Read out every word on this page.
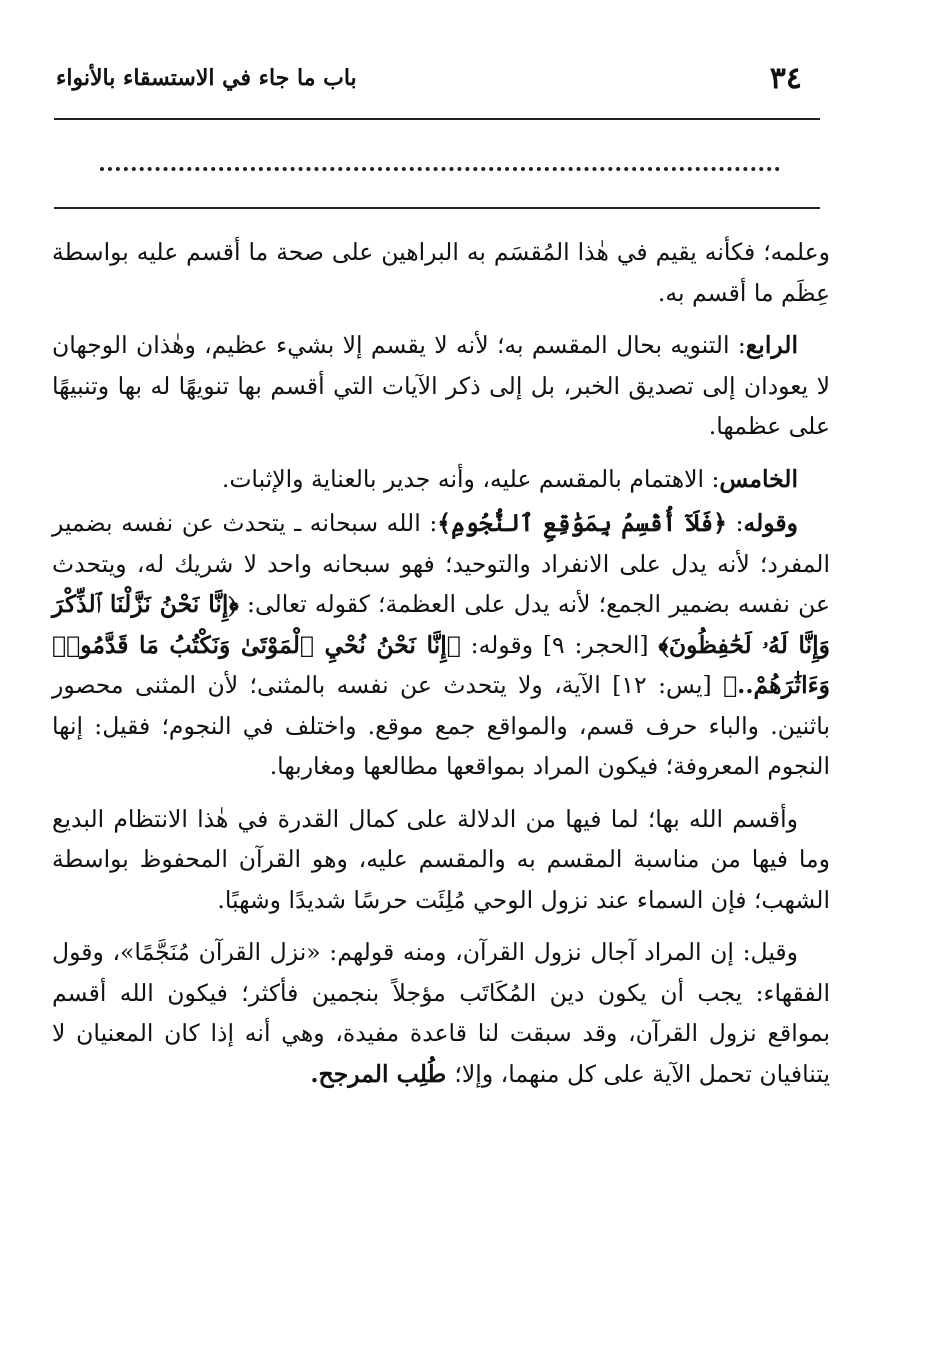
٣٤
باب ما جاء في الاستسقاء بالأنواء

وعلمه؛ فكأنه يقيم في هٰذا المُقسَم به البراهين على صحة ما أقسم عليه بواسطة عِظَم ما أقسم به.

الرابع: التنويه بحال المقسم به؛ لأنه لا يقسم إلا بشيء عظيم، وهٰذان الوجهان لا يعودان إلى تصديق الخبر، بل إلى ذكر الآيات التي أقسم بها تنويهًا له بها وتنبيهًا على عظمها.

الخامس: الاهتمام بالمقسم عليه، وأنه جدير بالعناية والإثبات.

وقوله: ﴿فَلَآ أُقْسِمُ بِمَوَٰقِعِ ٱلنُّجُومِ﴾: الله سبحانه ـ يتحدث عن نفسه بضمير المفرد؛ لأنه يدل على الانفراد والتوحيد؛ فهو سبحانه واحد لا شريك له، ويتحدث عن نفسه بضمير الجمع؛ لأنه يدل على العظمة؛ كقوله تعالى: ﴿إِنَّا نَحْنُ نَزَّلْنَا ٱلذِّكْرَ وَإِنَّا لَهُۥ لَحَٰفِظُونَ﴾ [الحجر: ٩] وقوله: ﴿إِنَّا نَحْنُ نُحْيِ ٱلْمَوْتَىٰ وَنَكْتُبُ مَا قَدَّمُوا۟ وَءَاثَٰرَهُمْ..﴾ [يس: ١٢] الآية، ولا يتحدث عن نفسه بالمثنى؛ لأن المثنى محصور باثنين. والباء حرف قسم، والمواقع جمع موقع. واختلف في النجوم؛ فقيل: إنها النجوم المعروفة؛ فيكون المراد بمواقعها مطالعها ومغاربها.

وأقسم الله بها؛ لما فيها من الدلالة على كمال القدرة في هٰذا الانتظام البديع وما فيها من مناسبة المقسم به والمقسم عليه، وهو القرآن المحفوظ بواسطة الشهب؛ فإن السماء عند نزول الوحي مُلِئَت حرسًا شديدًا وشهبًا.

وقيل: إن المراد آجال نزول القرآن، ومنه قولهم: «نزل القرآن مُنَجَّمًا»، وقول الفقهاء: يجب أن يكون دين المُكَاتَب مؤجلاً بنجمين فأكثر؛ فيكون الله أقسم بمواقع نزول القرآن، وقد سبقت لنا قاعدة مفيدة، وهي أنه إذا كان المعنيان لا يتنافيان تحمل الآية على كل منهما، وإلا؛ طُلِب المرجح.
